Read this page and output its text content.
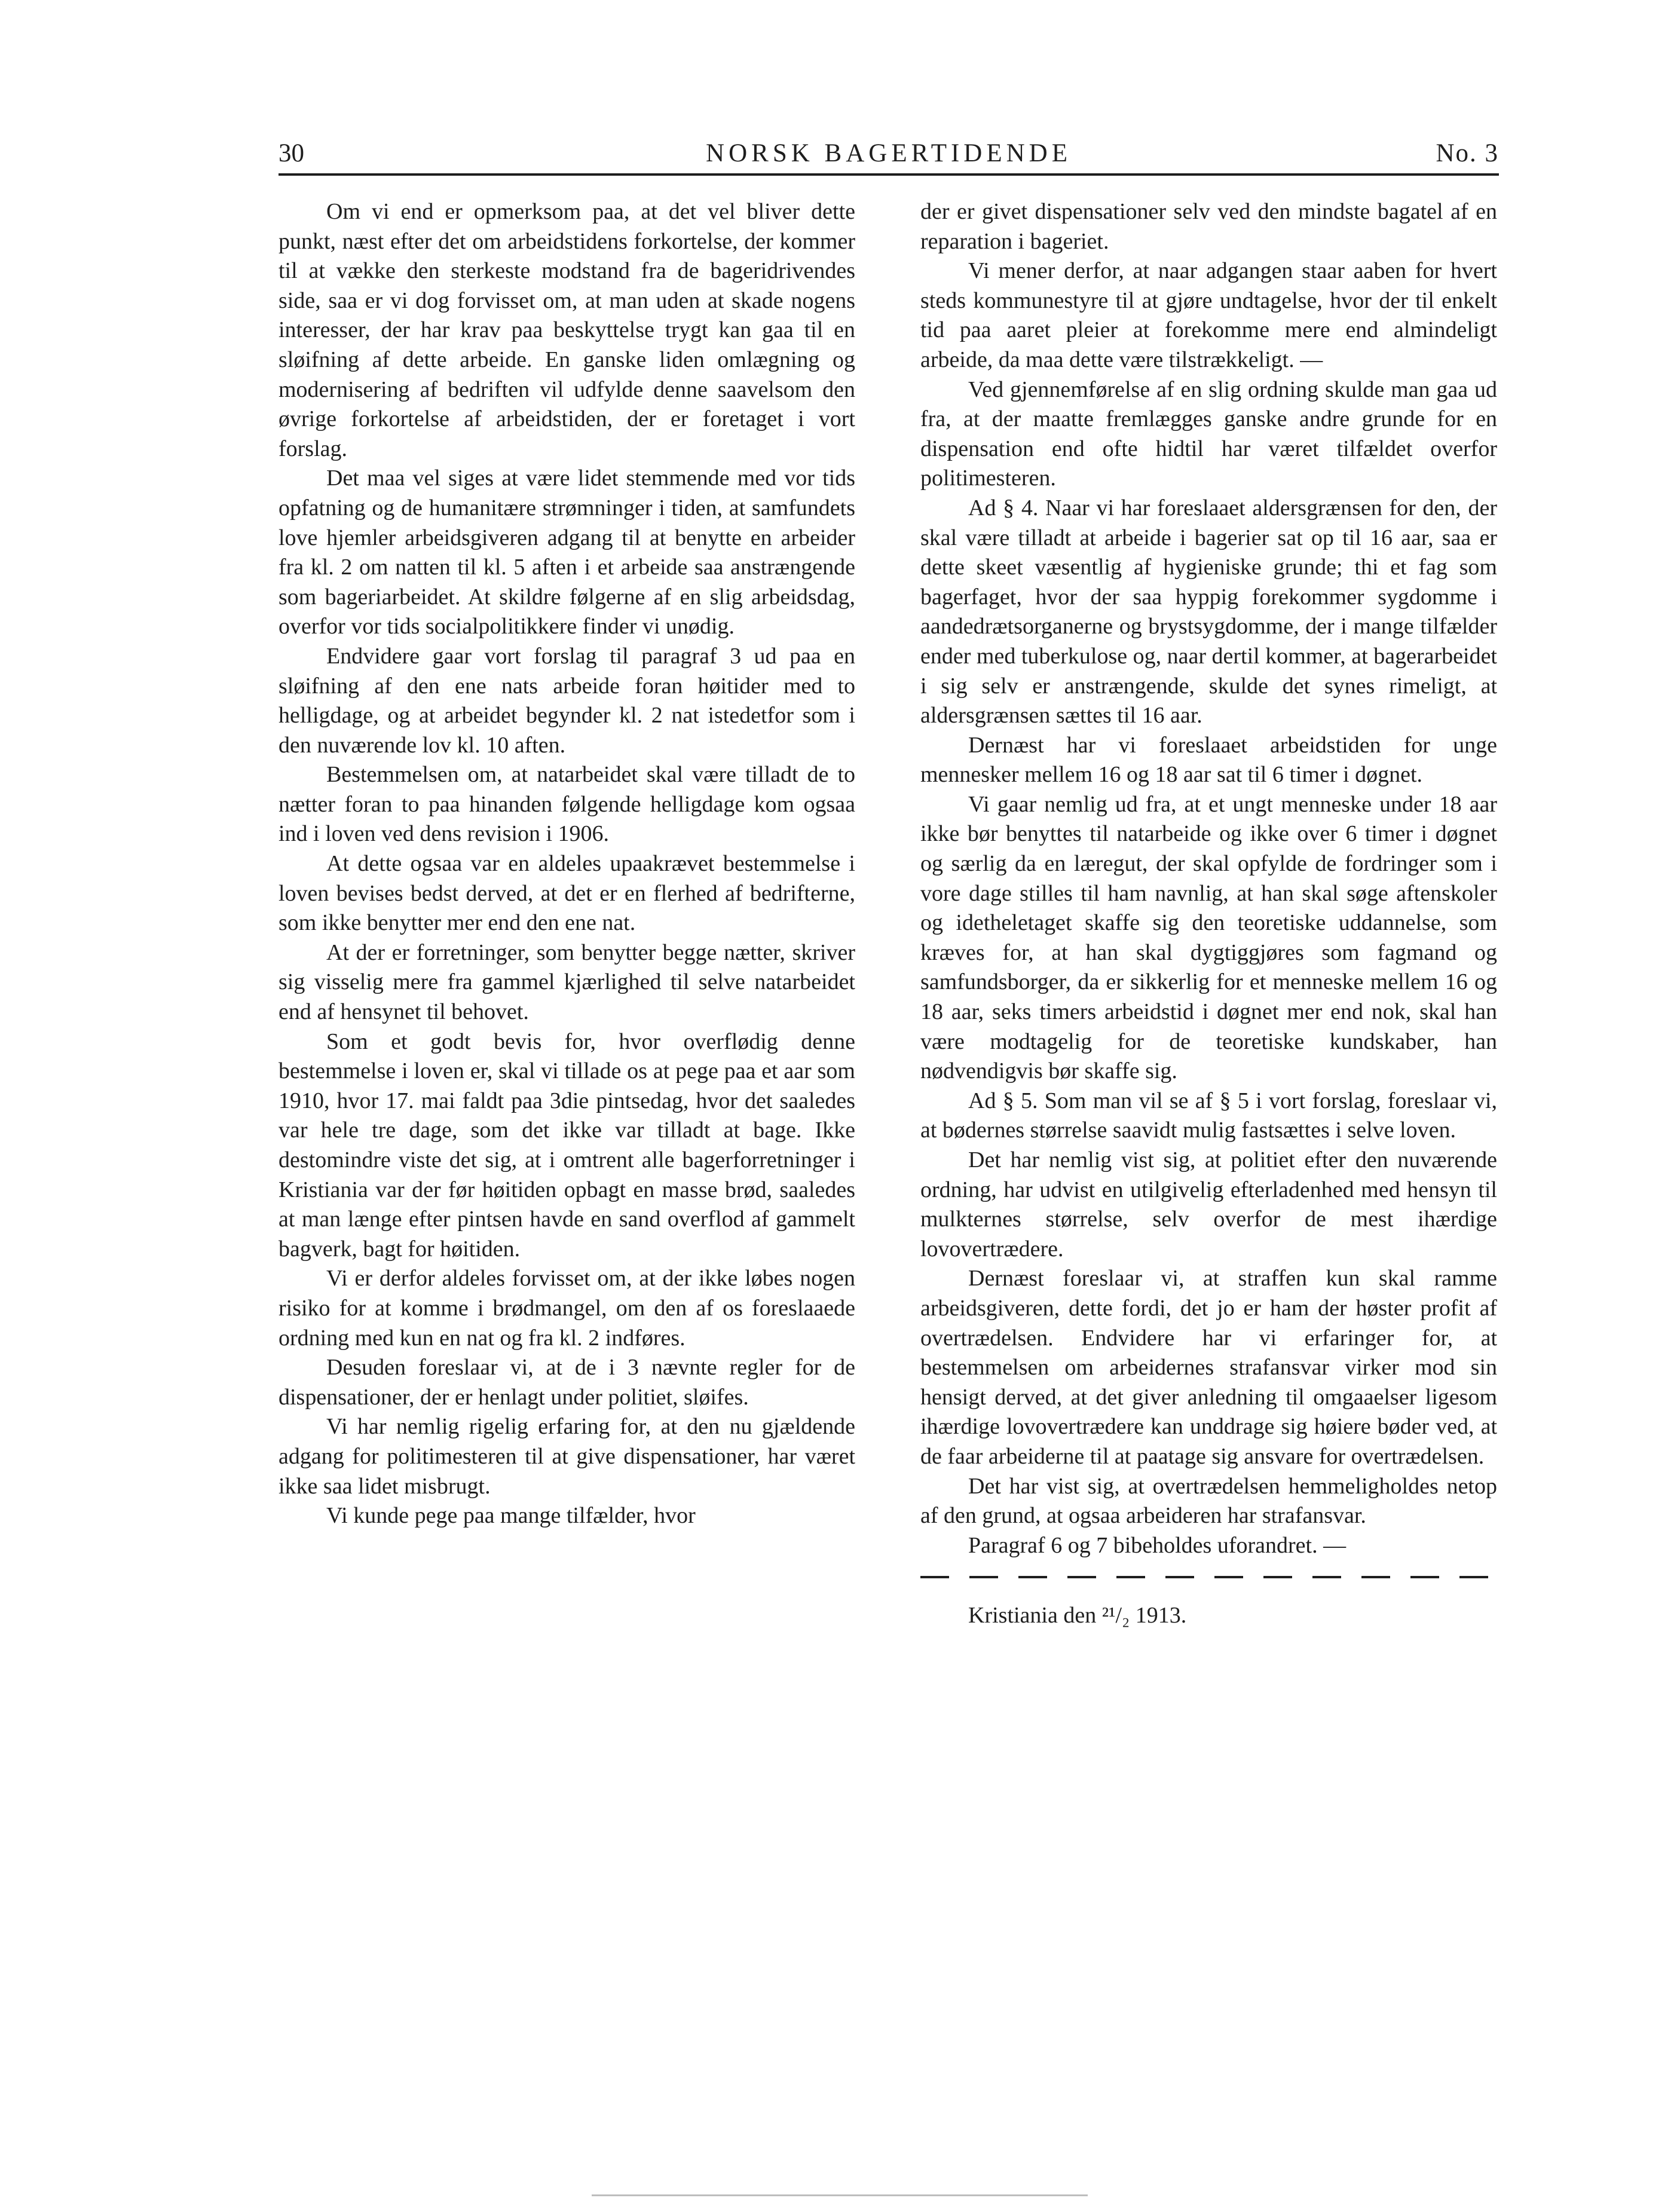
30	NORSK BAGERTIDENDE	No. 3

Om vi end er opmerksom paa, at det vel bliver dette punkt, næst efter det om arbeidstidens forkortelse, der kommer til at vække den sterkeste modstand fra de bageridrivendes side, saa er vi dog forvisset om, at man uden at skade nogens interesser, der har krav paa beskyttelse trygt kan gaa til en sløifning af dette arbeide. En ganske liden omlægning og modernisering af bedriften vil udfylde denne saavelsom den øvrige forkortelse af arbeidstiden, der er foretaget i vort forslag.

Det maa vel siges at være lidet stemmende med vor tids opfatning og de humanitære strømninger i tiden, at samfundets love hjemler arbeidsgiveren adgang til at benytte en arbeider fra kl. 2 om natten til kl. 5 aften i et arbeide saa anstrængende som bageriarbeidet. At skildre følgerne af en slig arbeidsdag, overfor vor tids socialpolitikkere finder vi unødig.

Endvidere gaar vort forslag til paragraf 3 ud paa en sløifning af den ene nats arbeide foran høitider med to helligdage, og at arbeidet begynder kl. 2 nat istedetfor som i den nuværende lov kl. 10 aften.

Bestemmelsen om, at natarbeidet skal være tilladt de to nætter foran to paa hinanden følgende helligdage kom ogsaa ind i loven ved dens revision i 1906.

At dette ogsaa var en aldeles upaakrævet bestemmelse i loven bevises bedst derved, at det er en flerhed af bedrifterne, som ikke benytter mer end den ene nat.

At der er forretninger, som benytter begge nætter, skriver sig visselig mere fra gammel kjærlighed til selve natarbeidet end af hensynet til behovet.

Som et godt bevis for, hvor overflødig denne bestemmelse i loven er, skal vi tillade os at pege paa et aar som 1910, hvor 17. mai faldt paa 3die pintsedag, hvor det saaledes var hele tre dage, som det ikke var tilladt at bage. Ikke destomindre viste det sig, at i omtrent alle bagerforretninger i Kristiania var der før høitiden opbagt en masse brød, saaledes at man længe efter pintsen havde en sand overflod af gammelt bagverk, bagt for høitiden.

Vi er derfor aldeles forvisset om, at der ikke løbes nogen risiko for at komme i brødmangel, om den af os foreslaaede ordning med kun en nat og fra kl. 2 indføres.

Desuden foreslaar vi, at de i 3 nævnte regler for de dispensationer, der er henlagt under politiet, sløifes.

Vi har nemlig rigelig erfaring for, at den nu gjældende adgang for politimesteren til at give dispensationer, har været ikke saa lidet misbrugt.

Vi kunde pege paa mange tilfælder, hvor

der er givet dispensationer selv ved den mindste bagatel af en reparation i bageriet.

Vi mener derfor, at naar adgangen staar aaben for hvert steds kommunestyre til at gjøre undtagelse, hvor der til enkelt tid paa aaret pleier at forekomme mere end almindeligt arbeide, da maa dette være tilstrækkeligt. —

Ved gjennemførelse af en slig ordning skulde man gaa ud fra, at der maatte fremlægges ganske andre grunde for en dispensation end ofte hidtil har været tilfældet overfor politimesteren.

Ad § 4. Naar vi har foreslaaet aldersgrænsen for den, der skal være tilladt at arbeide i bagerier sat op til 16 aar, saa er dette skeet væsentlig af hygieniske grunde; thi et fag som bagerfaget, hvor der saa hyppig forekommer sygdomme i aandedrætsorganerne og brystsygdomme, der i mange tilfælder ender med tuberkulose og, naar dertil kommer, at bagerarbeidet i sig selv er anstrængende, skulde det synes rimeligt, at aldersgrænsen sættes til 16 aar.

Dernæst har vi foreslaaet arbeidstiden for unge mennesker mellem 16 og 18 aar sat til 6 timer i døgnet.

Vi gaar nemlig ud fra, at et ungt menneske under 18 aar ikke bør benyttes til natarbeide og ikke over 6 timer i døgnet og særlig da en læregut, der skal opfylde de fordringer som i vore dage stilles til ham navnlig, at han skal søge aftenskoler og idetheletaget skaffe sig den teoretiske uddannelse, som kræves for, at han skal dygtiggjøres som fagmand og samfundsborger, da er sikkerlig for et menneske mellem 16 og 18 aar, seks timers arbeidstid i døgnet mer end nok, skal han være modtagelig for de teoretiske kundskaber, han nødvendigvis bør skaffe sig.

Ad § 5. Som man vil se af § 5 i vort forslag, foreslaar vi, at bødernes størrelse saavidt mulig fastsættes i selve loven.

Det har nemlig vist sig, at politiet efter den nuværende ordning, har udvist en utilgivelig efterladenhed med hensyn til mulkternes størrelse, selv overfor de mest ihærdige lovovertrædere.

Dernæst foreslaar vi, at straffen kun skal ramme arbeidsgiveren, dette fordi, det jo er ham der høster profit af overtrædelsen. Endvidere har vi erfaringer for, at bestemmelsen om arbeidernes strafansvar virker mod sin hensigt derved, at det giver anledning til omgaaelser ligesom ihærdige lovovertrædere kan unddrage sig høiere bøder ved, at de faar arbeiderne til at paatage sig ansvare for overtrædelsen.

Det har vist sig, at overtrædelsen hemmeligholdes netop af den grund, at ogsaa arbeideren har strafansvar.

Paragraf 6 og 7 bibeholdes uforandret. —

Kristiania den ²¹/₂ 1913.
